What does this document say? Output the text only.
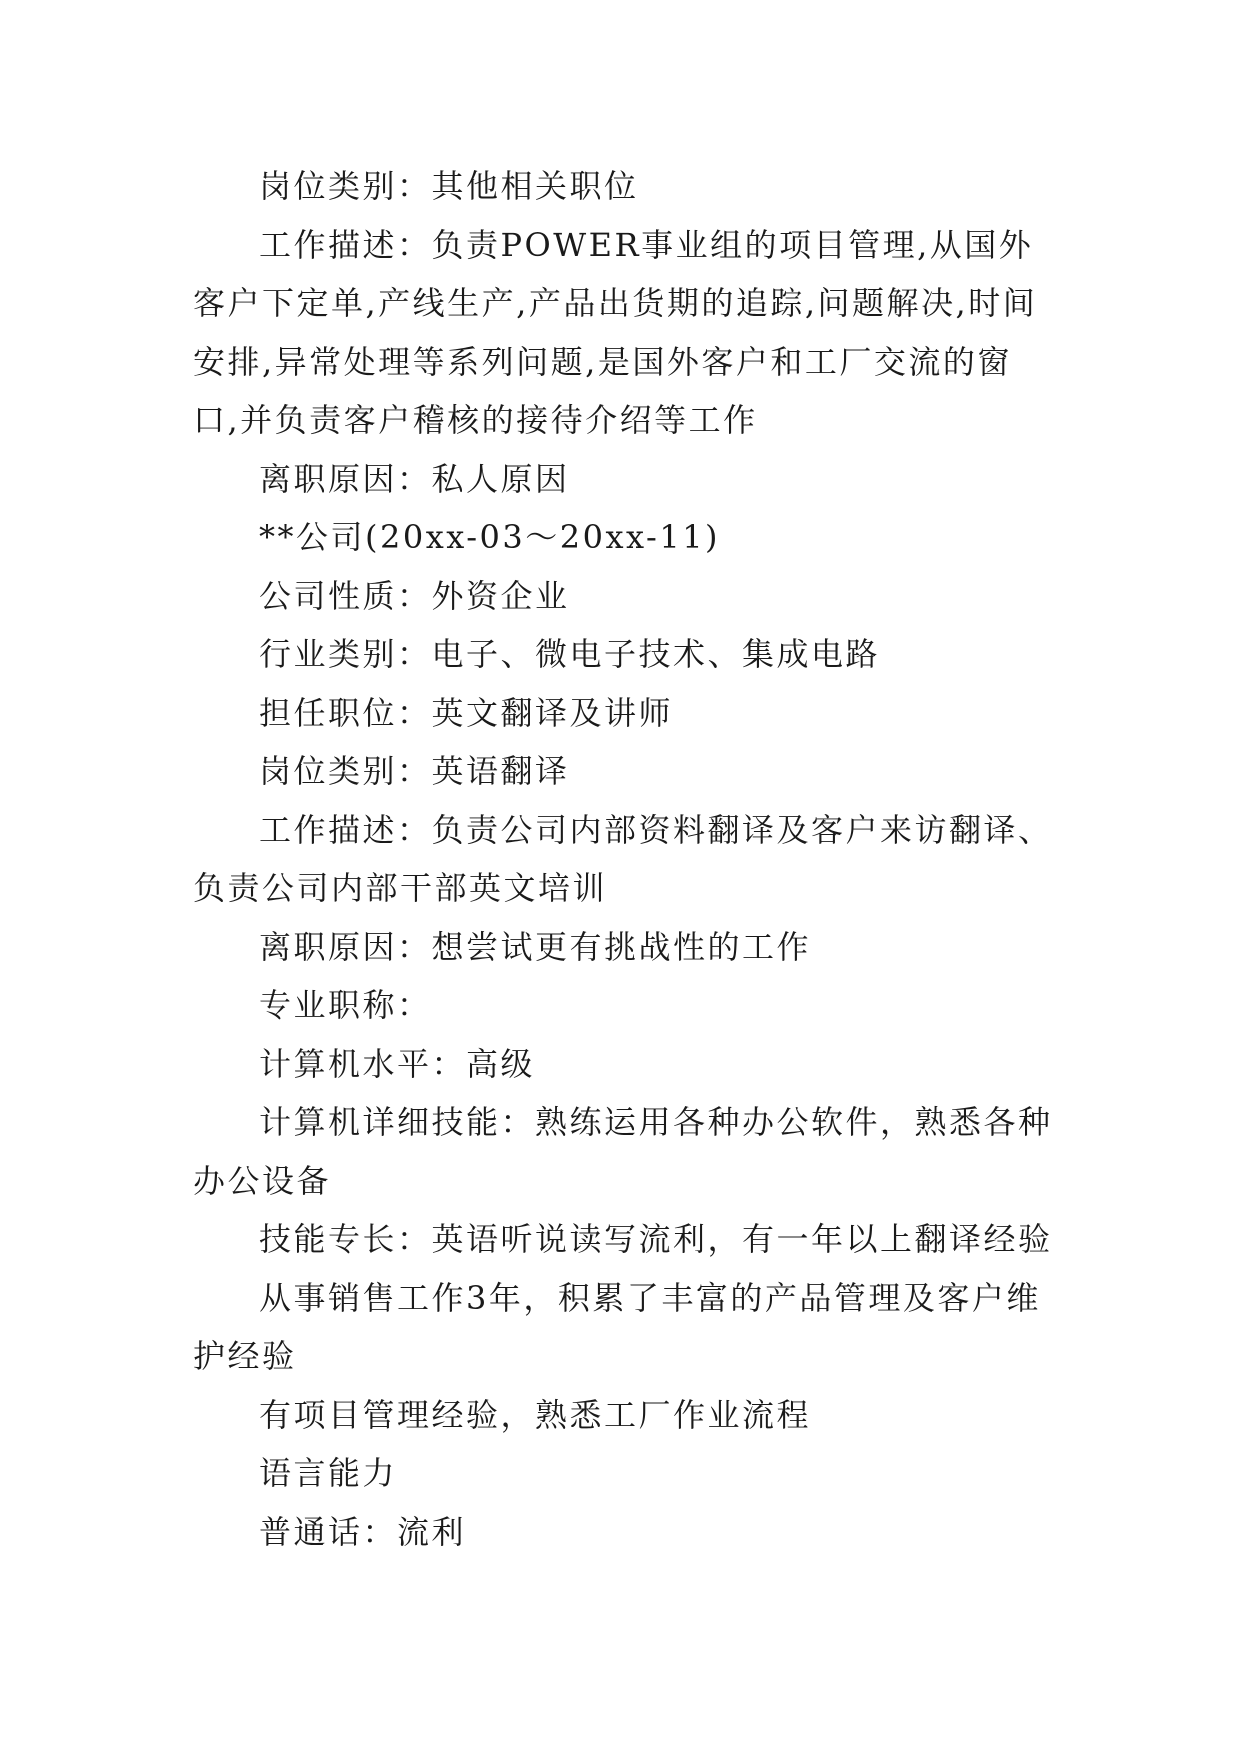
岗位类别：其他相关职位

工作描述：负责POWER事业组的项目管理,从国外客户下定单,产线生产,产品出货期的追踪,问题解决,时间安排,异常处理等系列问题,是国外客户和工厂交流的窗口,并负责客户稽核的接待介绍等工作

离职原因：私人原因

**公司(20xx-03～20xx-11)

公司性质：外资企业

行业类别：电子、微电子技术、集成电路

担任职位：英文翻译及讲师

岗位类别：英语翻译

工作描述：负责公司内部资料翻译及客户来访翻译、负责公司内部干部英文培训

离职原因：想尝试更有挑战性的工作

专业职称：

计算机水平：高级

计算机详细技能：熟练运用各种办公软件，熟悉各种办公设备

技能专长：英语听说读写流利，有一年以上翻译经验

从事销售工作3年，积累了丰富的产品管理及客户维护经验

有项目管理经验，熟悉工厂作业流程

语言能力

普通话：流利
